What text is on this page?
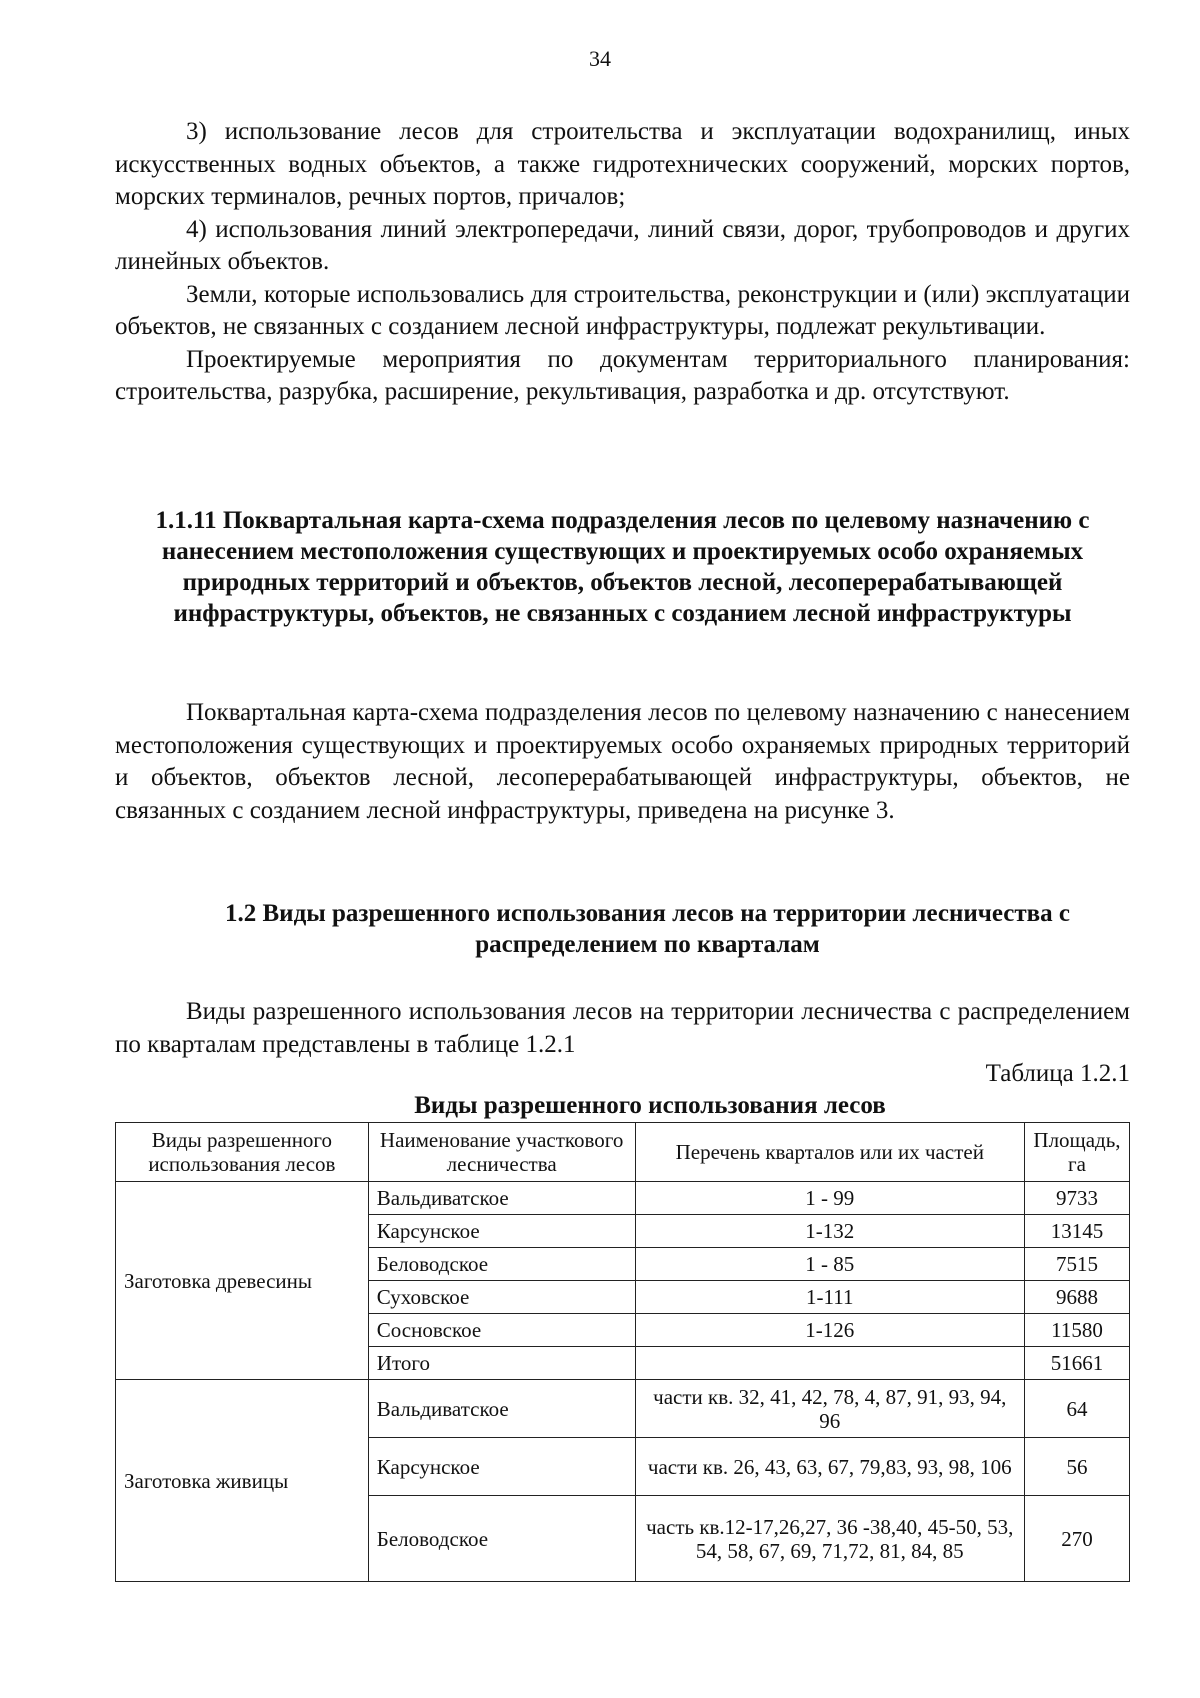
34

3) использование лесов для строительства и эксплуатации водохранилищ, иных искусственных водных объектов, а также гидротехнических сооружений, морских портов, морских терминалов, речных портов, причалов;

4) использования линий электропередачи, линий связи, дорог, трубопроводов и других линейных объектов.

Земли, которые использовались для строительства, реконструкции и (или) эксплуатации объектов, не связанных с созданием лесной инфраструктуры, подлежат рекультивации.

Проектируемые мероприятия по документам территориального планирования: строительства, разрубка, расширение, рекультивация, разработка и др. отсутствуют.

1.1.11 Поквартальная карта-схема подразделения лесов по целевому назначению с нанесением местоположения существующих и проектируемых особо охраняемых природных территорий и объектов, объектов лесной, лесоперерабатывающей инфраструктуры, объектов, не связанных с созданием лесной инфраструктуры

Поквартальная карта-схема подразделения лесов по целевому назначению с нанесением местоположения существующих и проектируемых особо охраняемых природных территорий и объектов, объектов лесной, лесоперерабатывающей инфраструктуры, объектов, не связанных с созданием лесной инфраструктуры, приведена на рисунке 3.

1.2 Виды разрешенного использования лесов на территории лесничества с распределением по кварталам

Виды разрешенного использования лесов на территории лесничества с распределением по кварталам представлены в таблице 1.2.1

Таблица 1.2.1
Виды разрешенного использования лесов
Виды разрешенного использования лесов	Наименование участкового лесничества	Перечень кварталов или их частей	Площадь, га
Заготовка древесины	Вальдиватское	1 - 99	9733
	Карсунское	1-132	13145
	Беловодское	1 - 85	7515
	Суховское	1-111	9688
	Сосновское	1-126	11580
	Итого		51661
Заготовка живицы	Вальдиватское	части кв. 32, 41, 42, 78, 4, 87, 91, 93, 94, 96	64
	Карсунское	части кв. 26, 43, 63, 67, 79,83, 93, 98, 106	56
	Беловодское	часть кв.12-17,26,27, 36 -38,40, 45-50, 53, 54, 58, 67, 69, 71,72, 81, 84, 85	270
